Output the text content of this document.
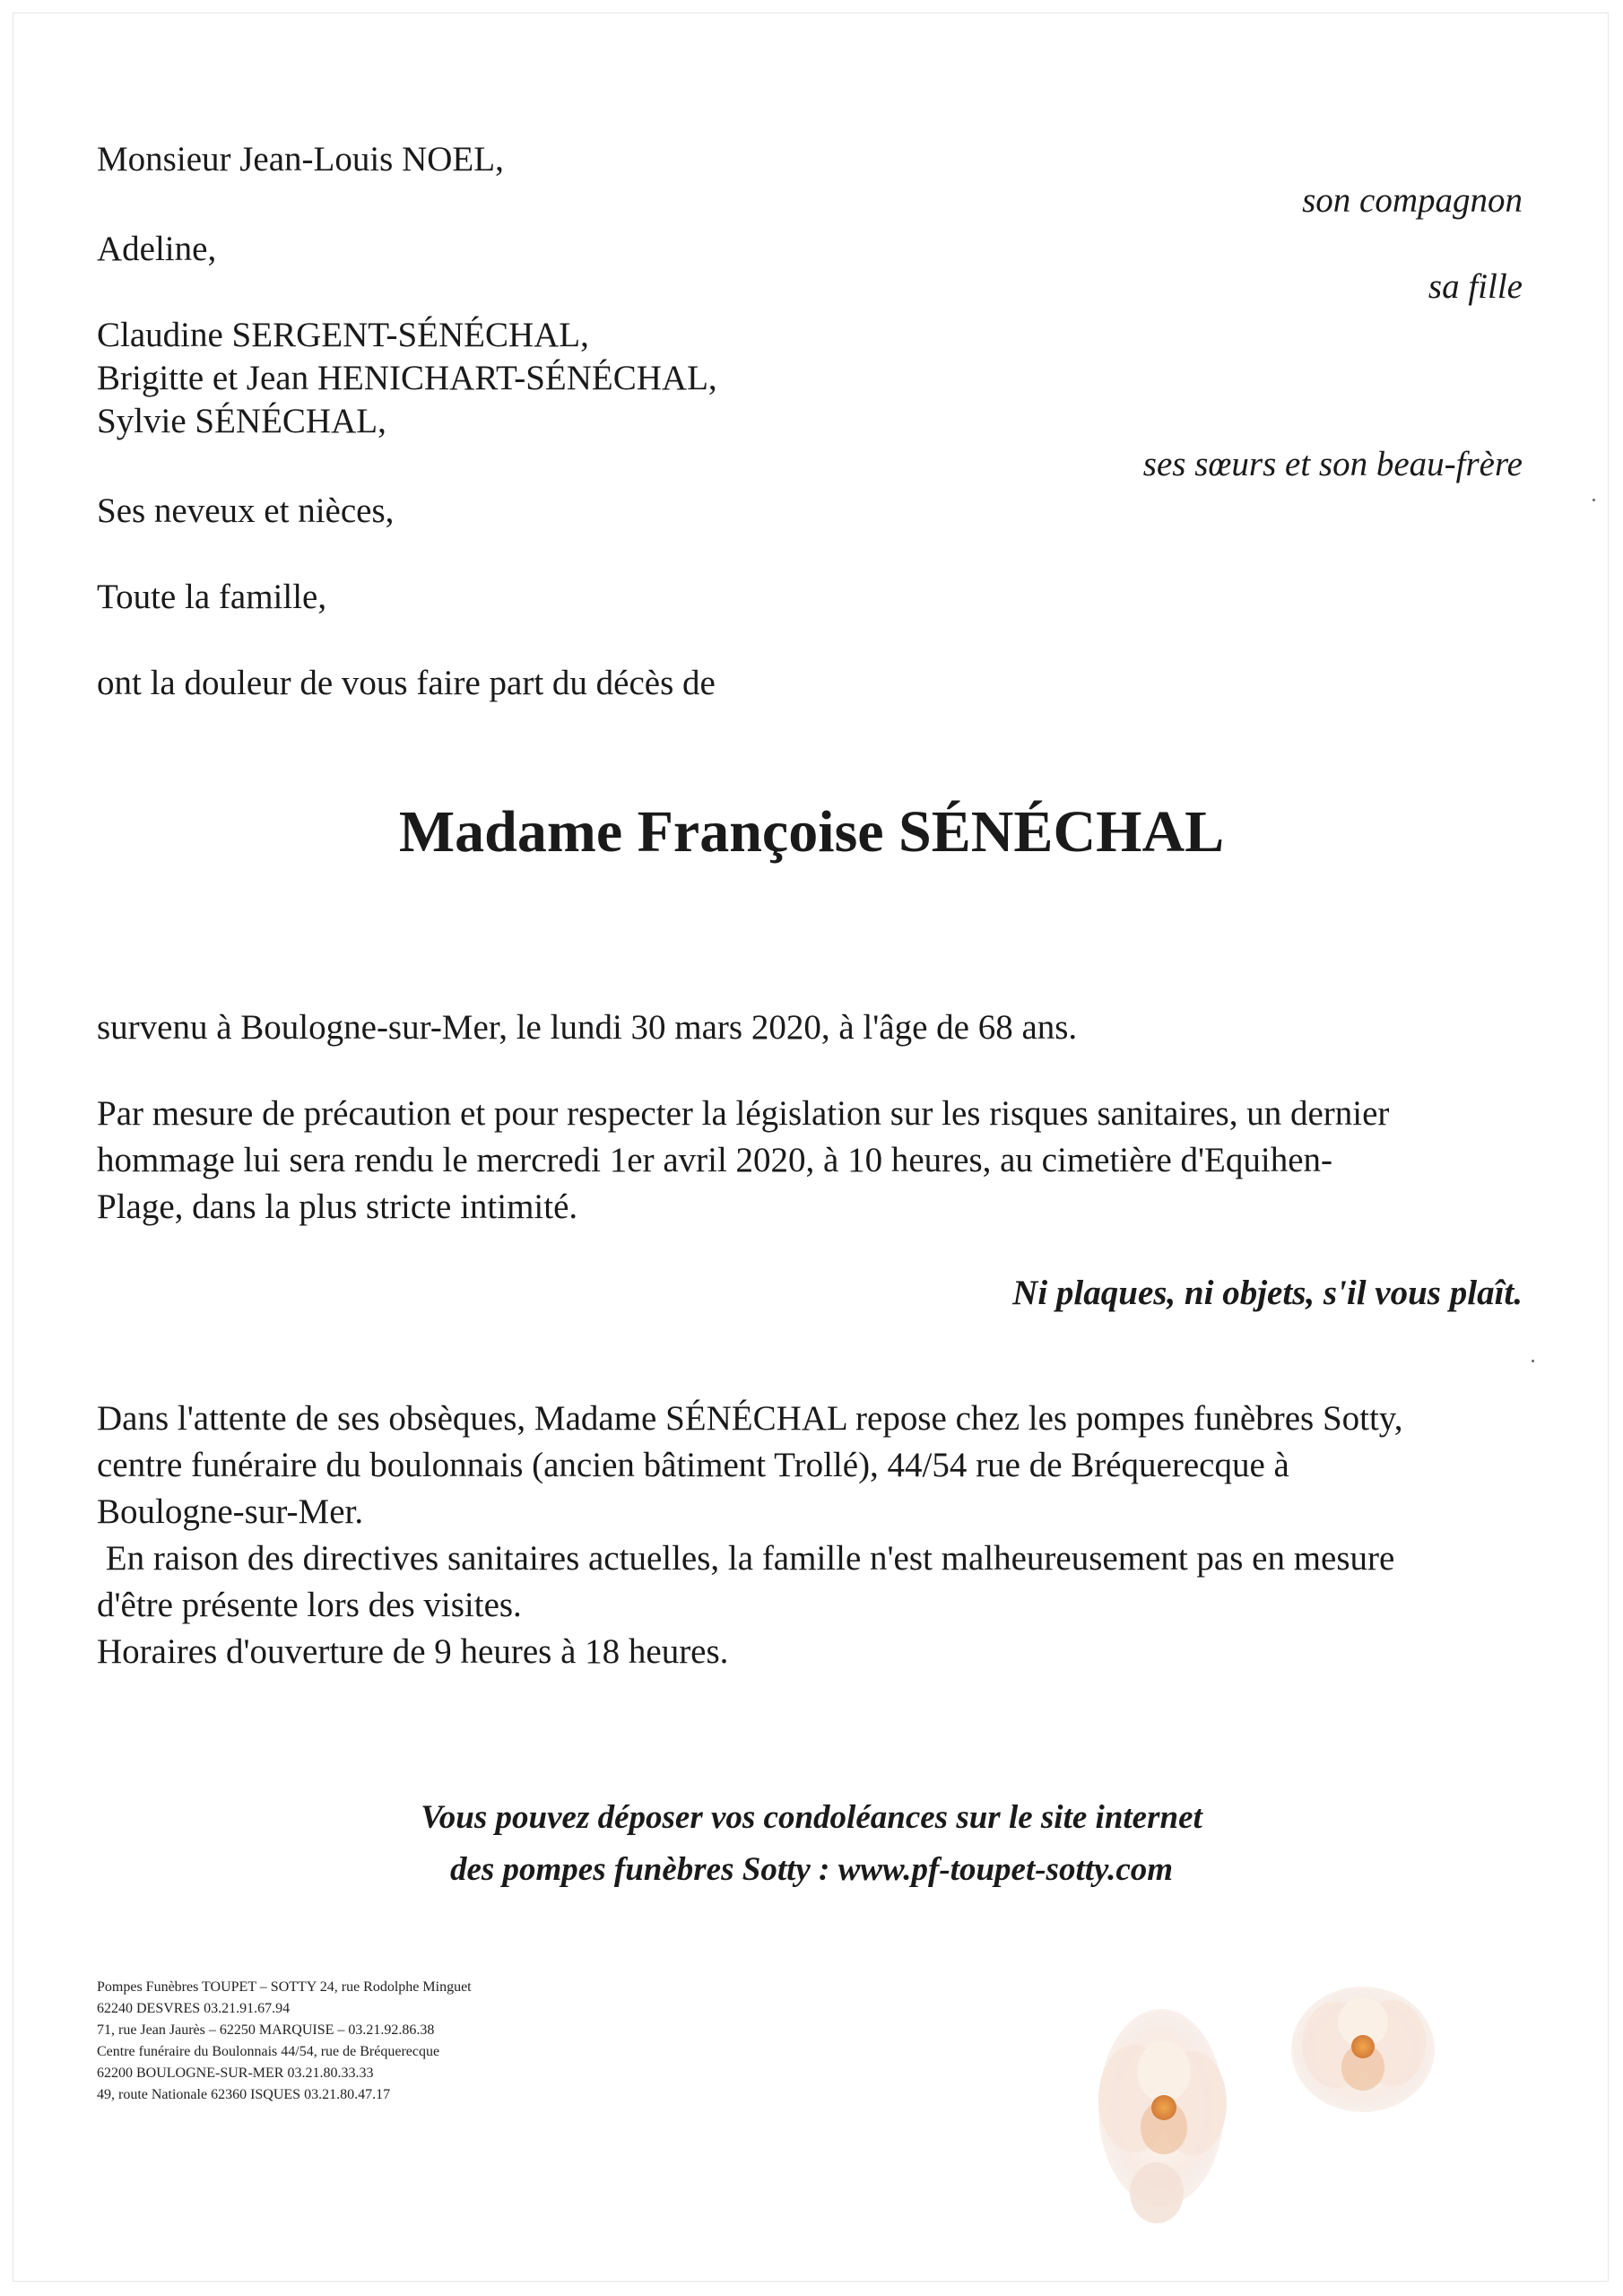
Monsieur Jean-Louis NOEL,
son compagnon
Adeline,
sa fille
Claudine SERGENT-SÉNÉCHAL,
Brigitte et Jean HENICHART-SÉNÉCHAL,
Sylvie SÉNÉCHAL,
ses sœurs et son beau-frère
Ses neveux et nièces,
Toute la famille,
ont la douleur de vous faire part du décès de
Madame Françoise SÉNÉCHAL
survenu à Boulogne-sur-Mer, le lundi 30 mars 2020, à l'âge de 68 ans.
Par mesure de précaution et pour respecter la législation sur les risques sanitaires, un dernier
hommage lui sera rendu le mercredi 1er avril 2020, à 10 heures, au cimetière d'Equihen-
Plage, dans la plus stricte intimité.
Ni plaques, ni objets, s'il vous plaît.
Dans l'attente de ses obsèques, Madame SÉNÉCHAL repose chez les pompes funèbres Sotty,
centre funéraire du boulonnais (ancien bâtiment Trollé), 44/54 rue de Bréquerecque à
Boulogne-sur-Mer.
En raison des directives sanitaires actuelles, la famille n'est malheureusement pas en mesure
d'être présente lors des visites.
Horaires d'ouverture de 9 heures à 18 heures.
Vous pouvez déposer vos condoléances sur le site internet
des pompes funèbres Sotty : www.pf-toupet-sotty.com
Pompes Funèbres TOUPET – SOTTY 24, rue Rodolphe Minguet
62240 DESVRES 03.21.91.67.94
71, rue Jean Jaurès – 62250 MARQUISE – 03.21.92.86.38
Centre funéraire du Boulonnais 44/54, rue de Bréquerecque
62200 BOULOGNE-SUR-MER 03.21.80.33.33
49, route Nationale 62360 ISQUES 03.21.80.47.17
